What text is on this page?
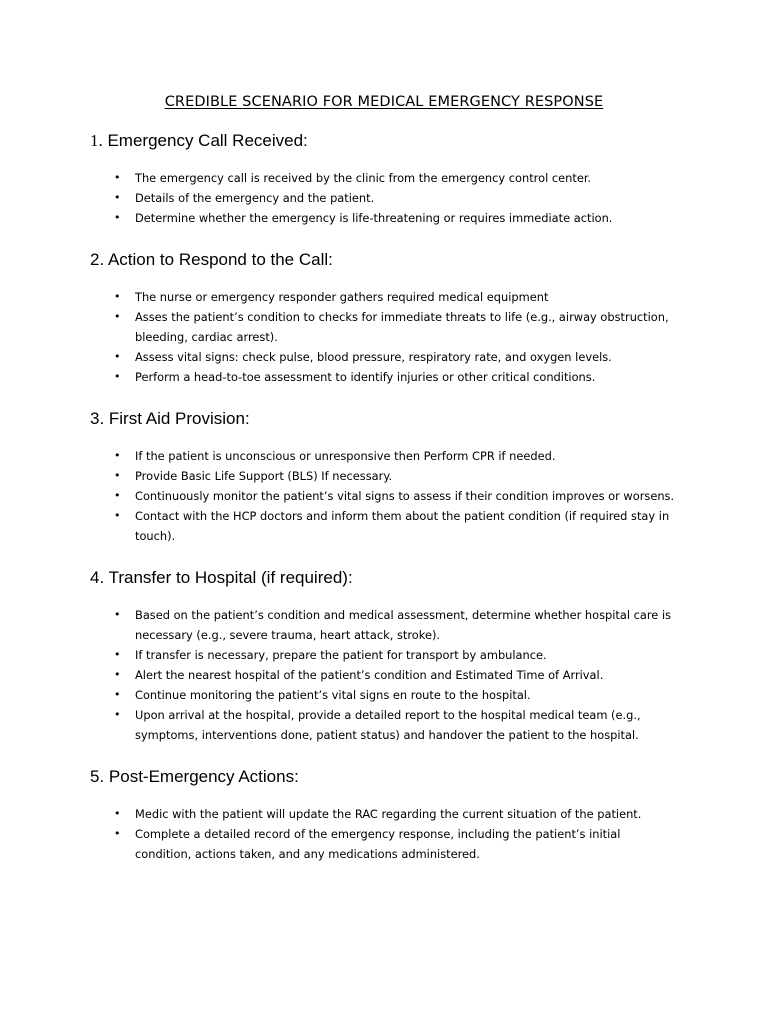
CREDIBLE SCENARIO FOR MEDICAL EMERGENCY RESPONSE
1. Emergency Call Received:
• The emergency call is received by the clinic from the emergency control center.
• Details of the emergency and the patient.
• Determine whether the emergency is life-threatening or requires immediate action.
2. Action to Respond to the Call:
• The nurse or emergency responder gathers required medical equipment
• Asses the patient’s condition to checks for immediate threats to life (e.g., airway obstruction, bleeding, cardiac arrest).
• Assess vital signs: check pulse, blood pressure, respiratory rate, and oxygen levels.
• Perform a head-to-toe assessment to identify injuries or other critical conditions.
3. First Aid Provision:
• If the patient is unconscious or unresponsive then Perform CPR if needed.
• Provide Basic Life Support (BLS) If necessary.
• Continuously monitor the patient’s vital signs to assess if their condition improves or worsens.
• Contact with the HCP doctors and inform them about the patient condition (if required stay in touch).
4. Transfer to Hospital (if required):
• Based on the patient’s condition and medical assessment, determine whether hospital care is necessary (e.g., severe trauma, heart attack, stroke).
• If transfer is necessary, prepare the patient for transport by ambulance.
• Alert the nearest hospital of the patient’s condition and Estimated Time of Arrival.
• Continue monitoring the patient’s vital signs en route to the hospital.
• Upon arrival at the hospital, provide a detailed report to the hospital medical team (e.g., symptoms, interventions done, patient status) and handover the patient to the hospital.
5. Post-Emergency Actions:
• Medic with the patient will update the RAC regarding the current situation of the patient.
• Complete a detailed record of the emergency response, including the patient’s initial condition, actions taken, and any medications administered.
